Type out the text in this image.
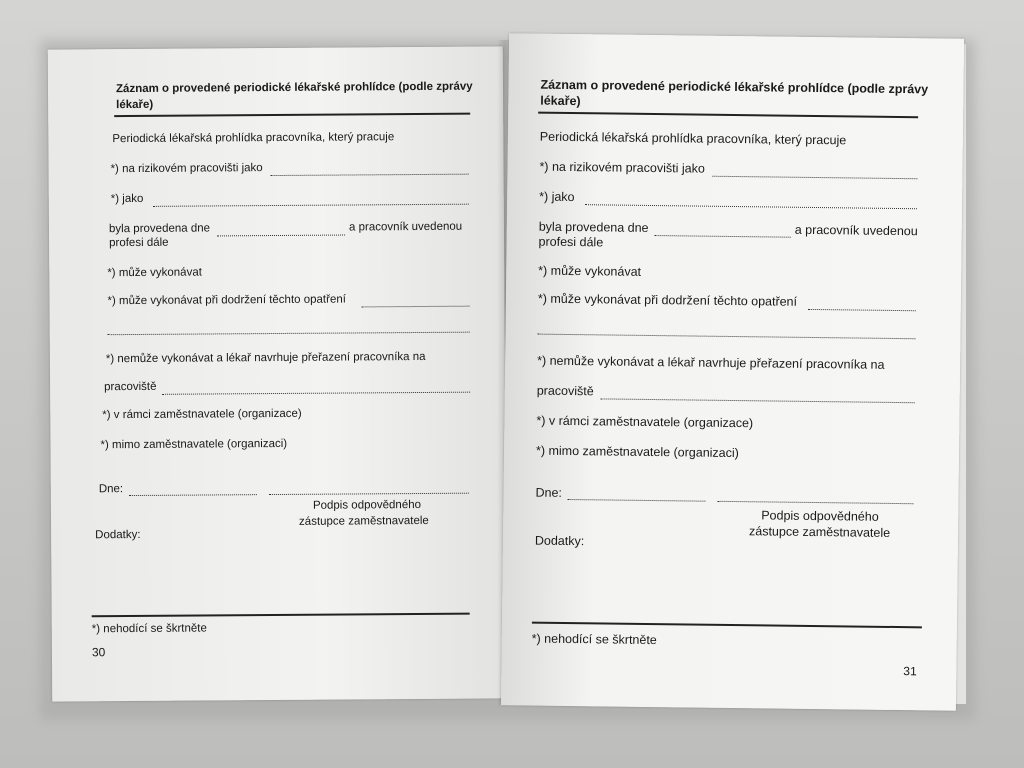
Záznam o provedené periodické lékařské prohlídce (podle zprávy
lékaře)
Periodická lékařská prohlídka pracovníka, který pracuje
*) na rizikovém pracovišti jako
*) jako
byla provedena dne	a pracovník uvedenou
profesi dále
*) může vykonávat
*) může vykonávat při dodržení těchto opatření
*) nemůže vykonávat a lékař navrhuje přeřazení pracovníka na
pracoviště
*) v rámci zaměstnavatele (organizace)
*) mimo zaměstnavatele (organizaci)
Dne:
Podpis odpovědného
zástupce zaměstnavatele
Dodatky:
*) nehodící se škrtněte
30
Záznam o provedené periodické lékařské prohlídce (podle zprávy
lékaře)
Periodická lékařská prohlídka pracovníka, který pracuje
*) na rizikovém pracovišti jako
*) jako
byla provedena dne	a pracovník uvedenou
profesi dále
*) může vykonávat
*) může vykonávat při dodržení těchto opatření
*) nemůže vykonávat a lékař navrhuje přeřazení pracovníka na
pracoviště
*) v rámci zaměstnavatele (organizace)
*) mimo zaměstnavatele (organizaci)
Dne:
Podpis odpovědného
zástupce zaměstnavatele
Dodatky:
*) nehodící se škrtněte
31
